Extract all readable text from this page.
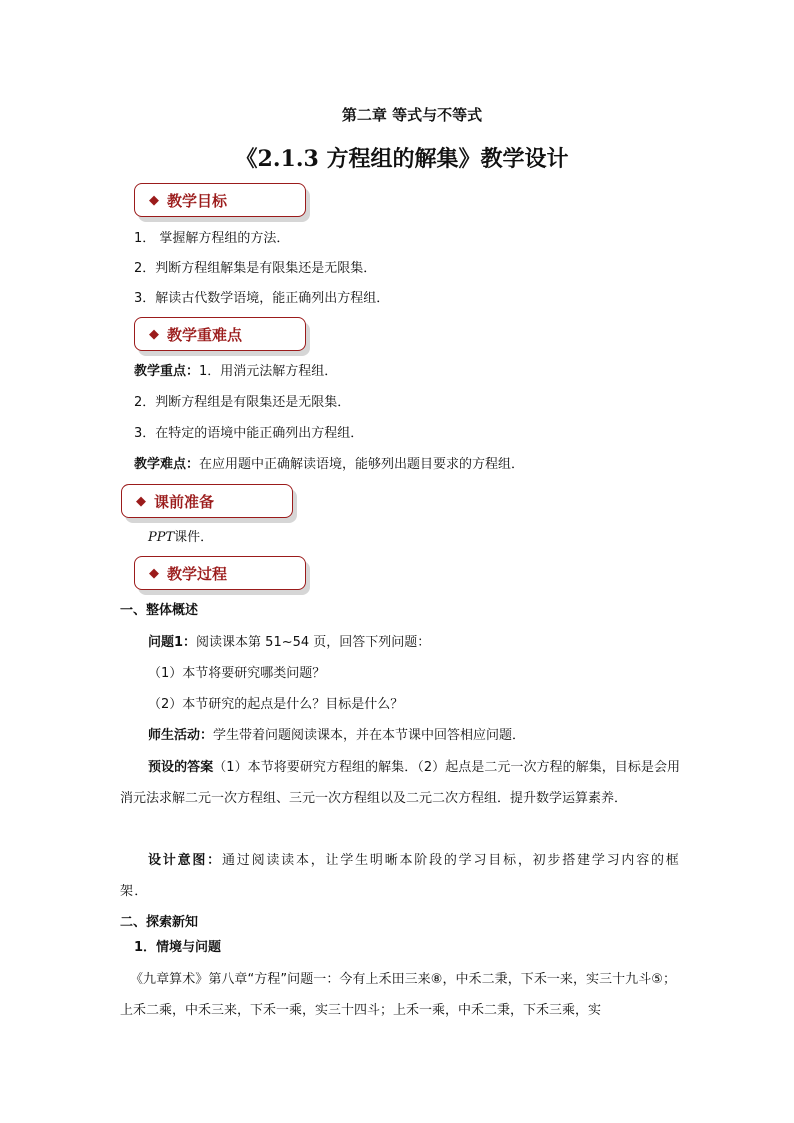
第二章 等式与不等式
《2.1.3 方程组的解集》教学设计
◆ 教学目标
1． 掌握解方程组的方法．
2．判断方程组解集是有限集还是无限集．
3．解读古代数学语境，能正确列出方程组．
◆ 教学重难点
教学重点：1．用消元法解方程组．
2．判断方程组是有限集还是无限集．
3．在特定的语境中能正确列出方程组．
教学难点：在应用题中正确解读语境，能够列出题目要求的方程组．
◆ 课前准备
PPT课件．
◆ 教学过程
一、整体概述
问题1：阅读课本第 51~54 页，回答下列问题：
（1）本节将要研究哪类问题？
（2）本节研究的起点是什么？目标是什么？
师生活动：学生带着问题阅读课本，并在本节课中回答相应问题．
预设的答案（1）本节将要研究方程组的解集．（2）起点是二元一次方程的解集，目标是会用消元法求解二元一次方程组、三元一次方程组以及二元二次方程组．提升数学运算素养．
设计意图：通过阅读读本，让学生明晰本阶段的学习目标，初步搭建学习内容的框架．
二、探索新知
1．情境与问题
《九章算术》第八章“方程”问题一：今有上禾田三来⑧，中禾二秉，下禾一来，实三十九斗⑤；上禾二乘，中禾三来，下禾一乘，实三十四斗；上禾一乘，中禾二秉，下禾三乘，实
